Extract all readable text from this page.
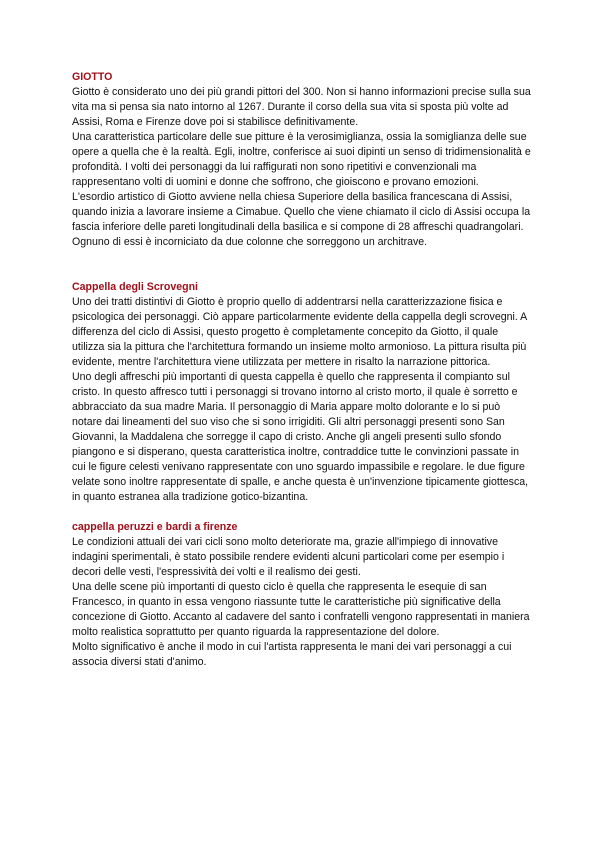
GIOTTO

Giotto è considerato uno dei più grandi pittori del 300. Non si hanno informazioni precise sulla sua vita ma si pensa sia nato intorno al 1267. Durante il corso della sua vita si sposta più volte ad Assisi, Roma e Firenze dove poi si stabilisce definitivamente.

Una caratteristica particolare delle sue pitture è la verosimiglianza, ossia la somiglianza delle sue opere a quella che è la realtà. Egli, inoltre, conferisce ai suoi dipinti un senso di tridimensionalità e profondità. I volti dei personaggi da lui raffigurati non sono ripetitivi e convenzionali ma rappresentano volti di uomini e donne che soffrono, che gioiscono e provano emozioni.

L'esordio artistico di Giotto avviene nella chiesa Superiore della basilica francescana di Assisi, quando inizia a lavorare insieme a Cimabue. Quello che viene chiamato il ciclo di Assisi occupa la fascia inferiore delle pareti longitudinali della basilica e si compone di 28 affreschi quadrangolari. Ognuno di essi è incorniciato da due colonne che sorreggono un architrave.

Cappella degli Scrovegni

Uno dei tratti distintivi di Giotto è proprio quello di addentrarsi nella caratterizzazione fisica e psicologica dei personaggi. Ciò appare particolarmente evidente della cappella degli scrovegni. A differenza del ciclo di Assisi, questo progetto è completamente concepito da Giotto, il quale utilizza sia la pittura che l'architettura formando un insieme molto armonioso. La pittura risulta più evidente, mentre l'architettura viene utilizzata per mettere in risalto la narrazione pittorica.

Uno degli affreschi più importanti di questa cappella è quello che rappresenta il compianto sul cristo. In questo affresco tutti i personaggi si trovano intorno al cristo morto, il quale è sorretto e abbracciato da sua madre Maria. Il personaggio di Maria appare molto dolorante e lo si può notare dai lineamenti del suo viso che si sono irrigiditi. Gli altri personaggi presenti sono San Giovanni, la Maddalena che sorregge il capo di cristo. Anche gli angeli presenti sullo sfondo piangono e si disperano, questa caratteristica inoltre, contraddice tutte le convinzioni passate in cui le figure celesti venivano rappresentate con uno sguardo impassibile e regolare. le due figure velate sono inoltre rappresentate di spalle, e anche questa è un'invenzione tipicamente giottesca, in quanto estranea alla tradizione gotico-bizantina.

cappella peruzzi e bardi a firenze

Le condizioni attuali dei vari cicli sono molto deteriorate ma, grazie all'impiego di innovative indagini sperimentali, è stato possibile rendere evidenti alcuni particolari come per esempio i decori delle vesti, l'espressività dei volti e il realismo dei gesti.

Una delle scene più importanti di questo ciclo è quella che rappresenta le esequie di san Francesco, in quanto in essa vengono riassunte tutte le caratteristiche più significative della concezione di Giotto. Accanto al cadavere del santo i confratelli vengono rappresentati in maniera molto realistica soprattutto per quanto riguarda la rappresentazione del dolore.

Molto significativo è anche il modo in cui l'artista rappresenta le mani dei vari personaggi a cui associa diversi stati d'animo.
